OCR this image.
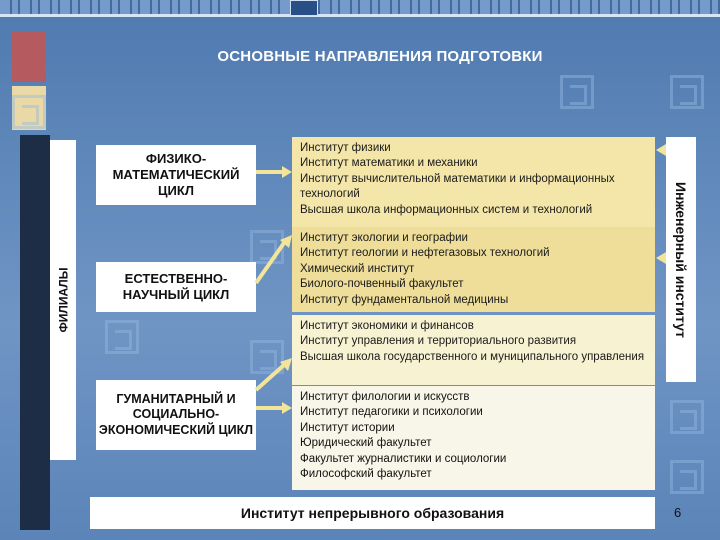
ОСНОВНЫЕ НАПРАВЛЕНИЯ ПОДГОТОВКИ
ФИЛИАЛЫ
ФИЗИКО-МАТЕМАТИЧЕСКИЙ ЦИКЛ
ЕСТЕСТВЕННО-НАУЧНЫЙ ЦИКЛ
ГУМАНИТАРНЫЙ И СОЦИАЛЬНО-ЭКОНОМИЧЕСКИЙ ЦИКЛ
Институт физики
Институт математики и механики
Институт вычислительной математики и информационных технологий
Высшая школа информационных систем и технологий
Институт экологии и географии
Институт геологии и нефтегазовых технологий
Химический институт
Биолого-почвенный факультет
Институт фундаментальной медицины
Институт экономики и финансов
Институт управления и территориального развития
Высшая школа государственного и муниципального управления
Институт филологии и искусств
Институт педагогики и психологии
Институт истории
Юридический факультет
Факультет журналистики и социологии
Философский факультет
Инженерный институт
Институт непрерывного образования	6
